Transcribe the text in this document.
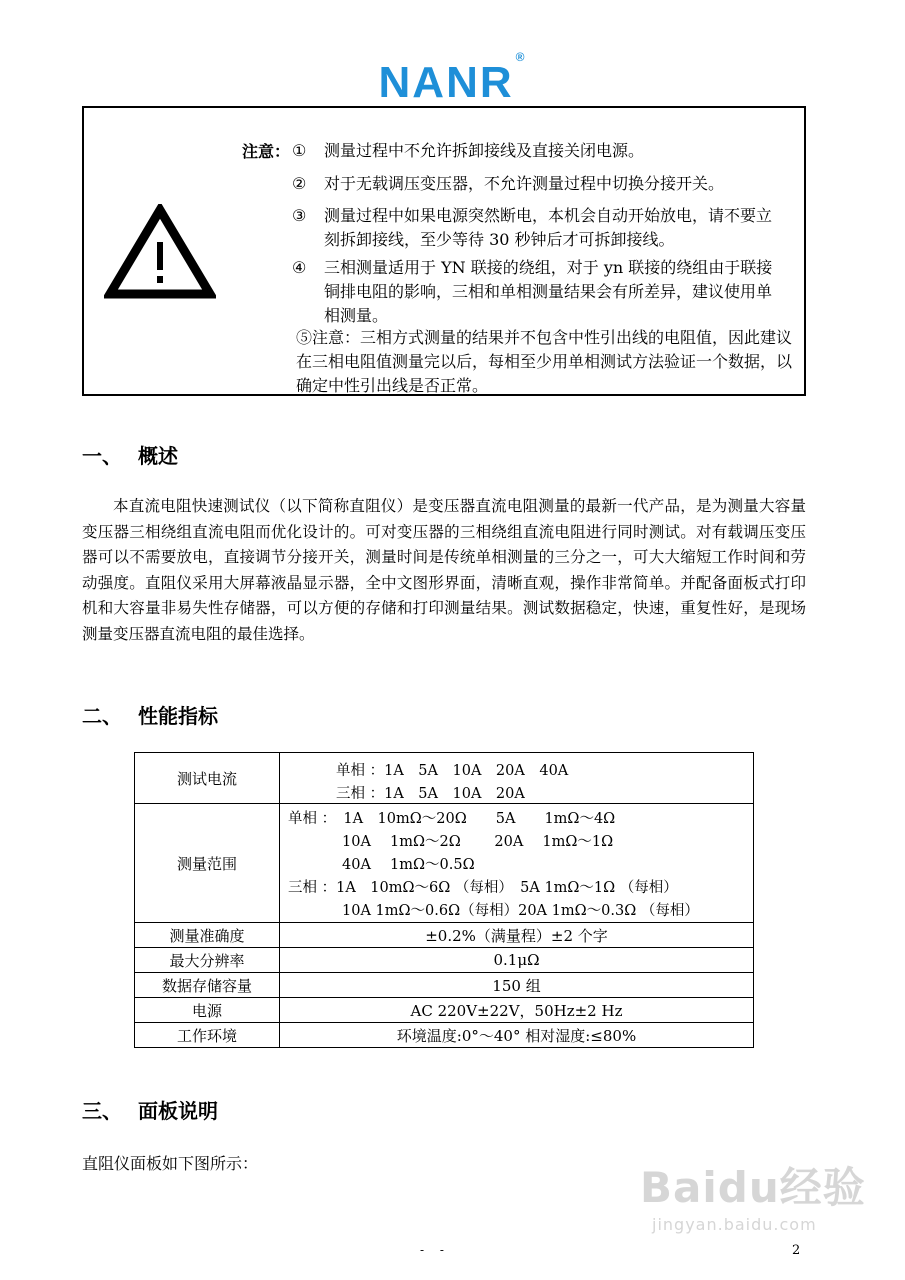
NANR®
注意： ① 测量过程中不允许拆卸接线及直接关闭电源。
② 对于无载调压变压器，不允许测量过程中切换分接开关。
③ 测量过程中如果电源突然断电，本机会自动开始放电，请不要立刻拆卸接线，至少等待 30 秒钟后才可拆卸接线。
④ 三相测量适用于 YN 联接的绕组，对于 yn 联接的绕组由于联接铜排电阻的影响，三相和单相测量结果会有所差异，建议使用单相测量。
⑤注意： 三相方式测量的结果并不包含中性引出线的电阻值，因此建议在三相电阻值测量完以后，每相至少用单相测试方法验证一个数据，以确定中性引出线是否正常。
一、 概述
本直流电阻快速测试仪（以下简称直阻仪）是变压器直流电阻测量的最新一代产品，是为测量大容量变压器三相绕组直流电阻而优化设计的。可对变压器的三相绕组直流电阻进行同时测试。对有载调压变压器可以不需要放电，直接调节分接开关，测量时间是传统单相测量的三分之一，可大大缩短工作时间和劳动强度。直阻仪采用大屏幕液晶显示器，全中文图形界面，清晰直观，操作非常简单。并配备面板式打印机和大容量非易失性存储器，可以方便的存储和打印测量结果。测试数据稳定，快速，重复性好，是现场测量变压器直流电阻的最佳选择。
二、 性能指标
测试电流	单相 ：1A　5A　10A　20A　40A
三相 ：1A　5A　10A　20A

测量范围	单相 ：　1A　10mΩ～20Ω　　5A　　1mΩ～4Ω
10A　 1mΩ～2Ω　　 20A　 1mΩ～1Ω
40A　 1mΩ～0.5Ω
三相 ：1A　10mΩ～6Ω （每相）　5A 1mΩ～1Ω （每相）
10A 1mΩ～0.6Ω（每相）20A 1mΩ～0.3Ω （每相）

测量准确度	±0.2%（满量程）±2 个字
最大分辨率	0.1μΩ
数据存储容量	150 组
电源	AC 220V±22V，50Hz±2 Hz
工作环境	环境温度:0°～40° 相对湿度:≤80%
三、 面板说明
直阻仪面板如下图所示：	Baidu经验
jingyan.baidu.com
- -	2
